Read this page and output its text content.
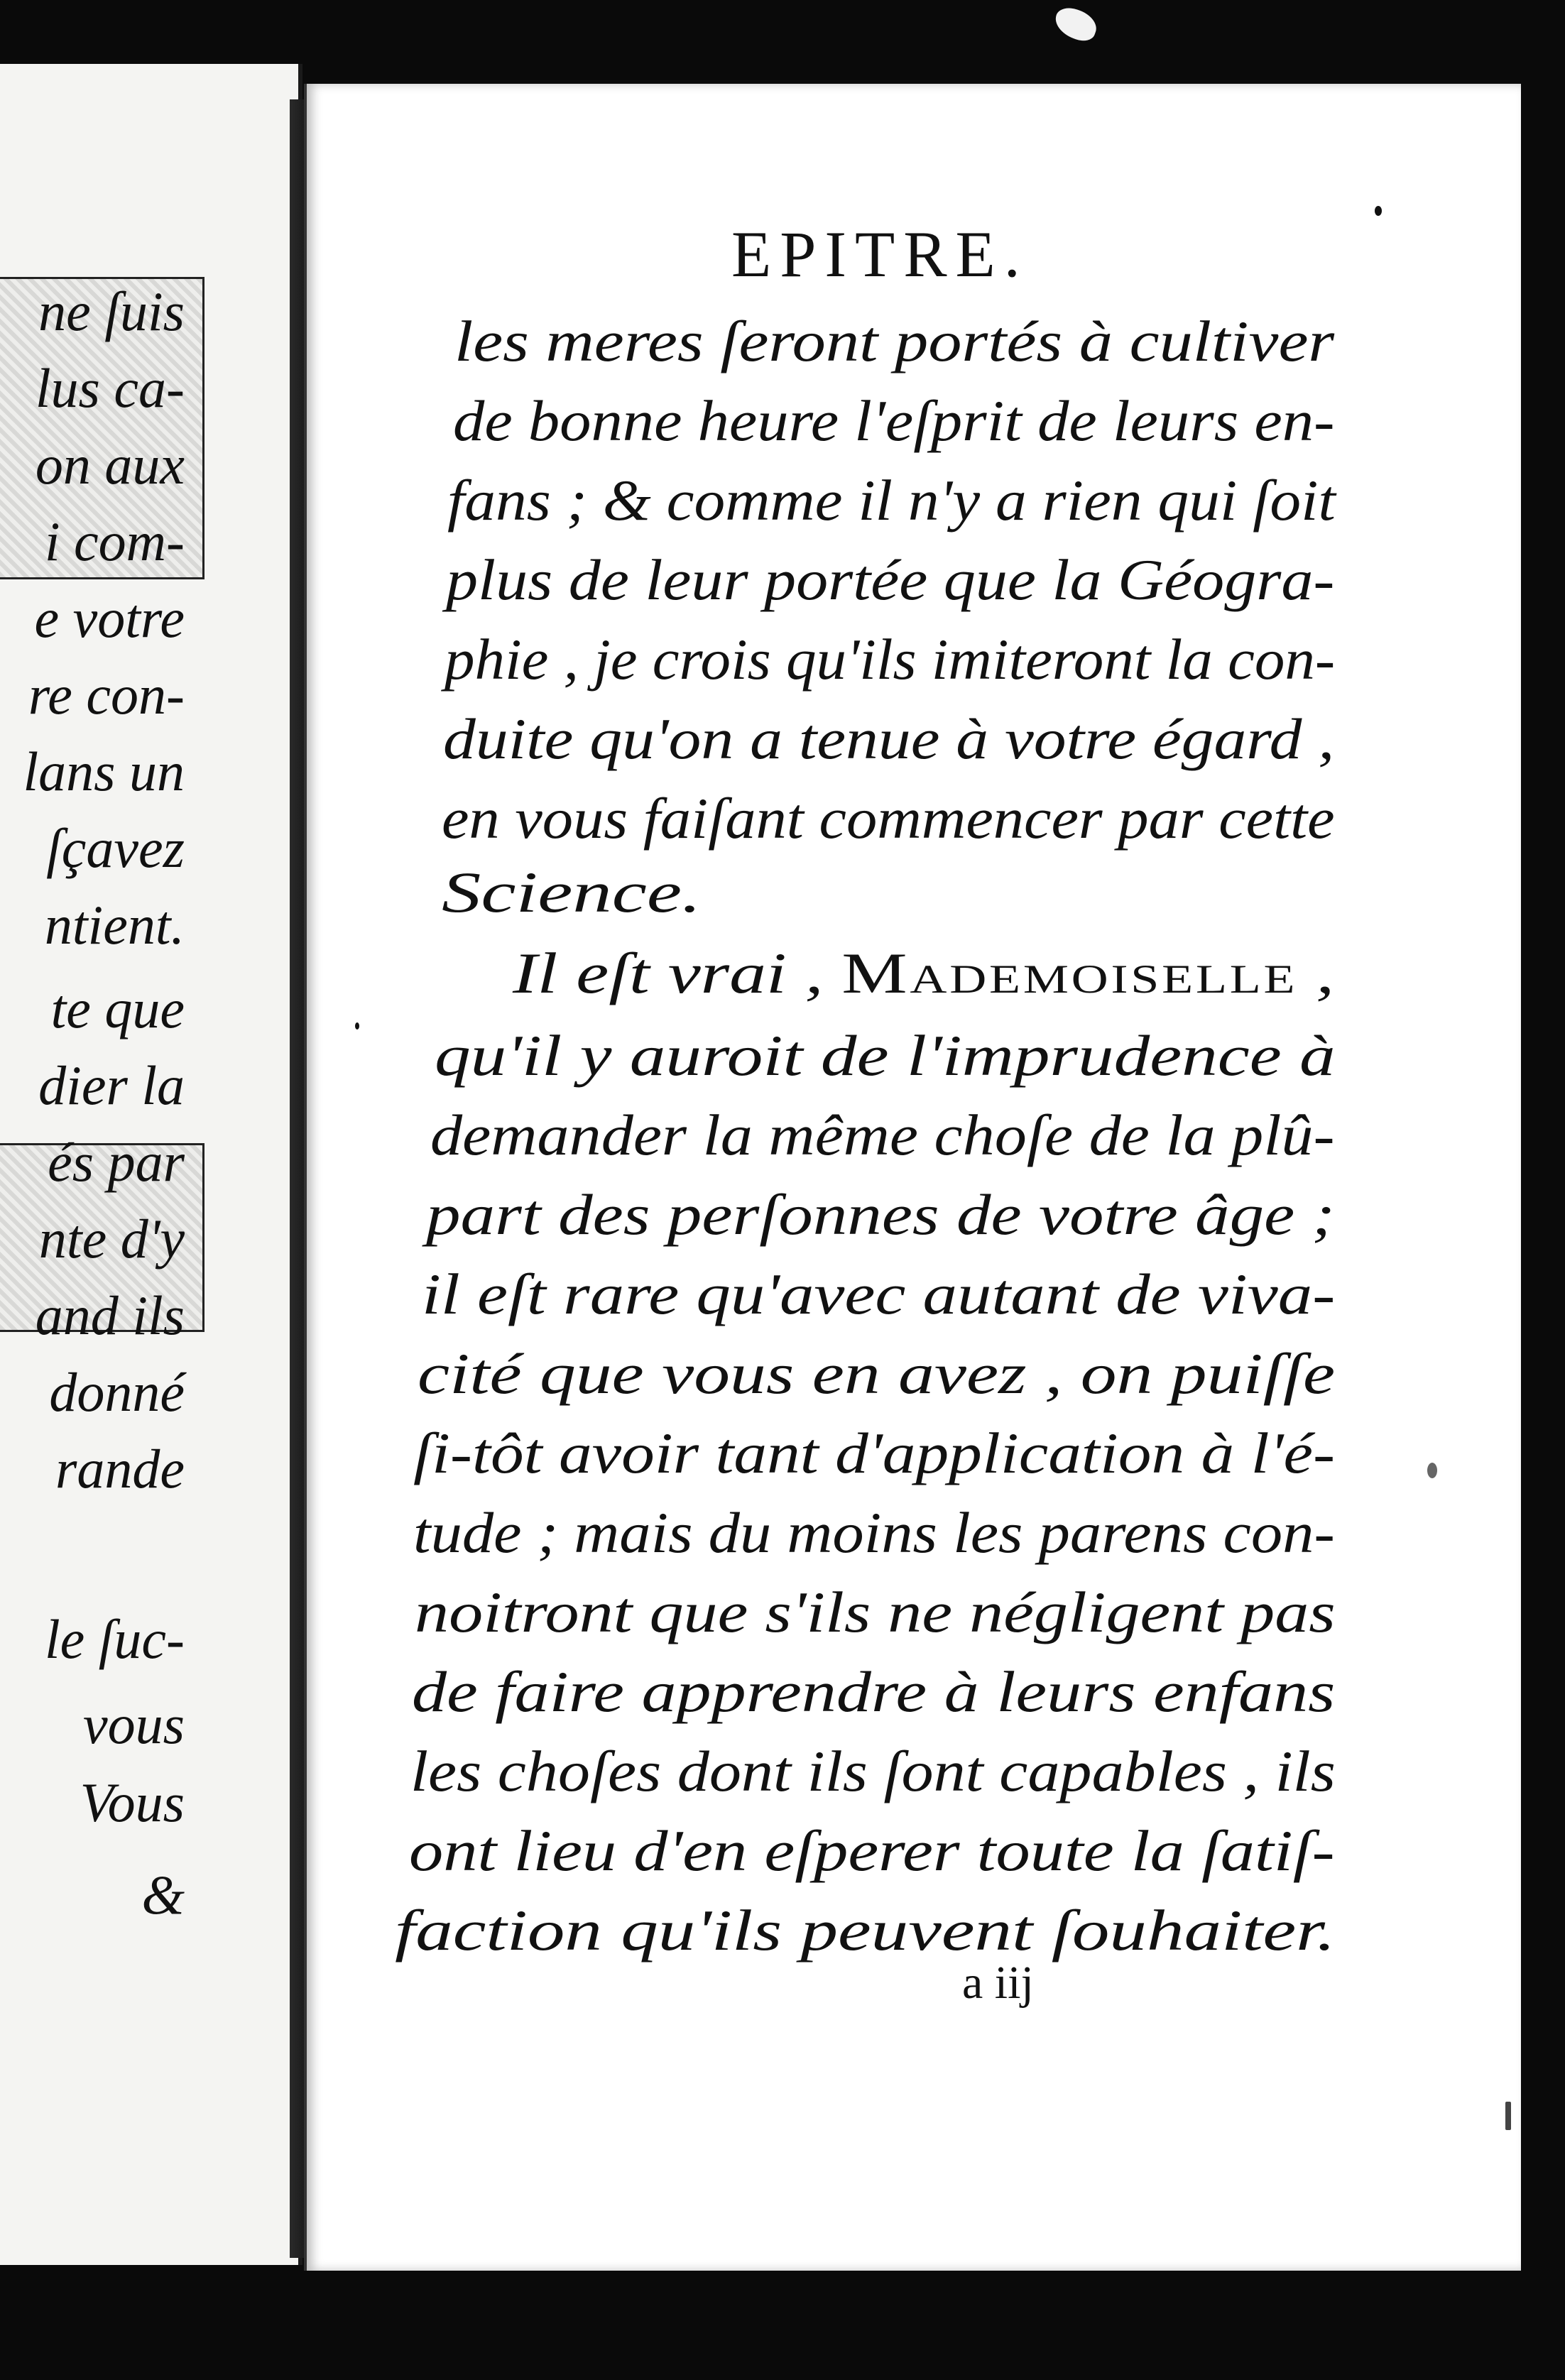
ne ſuis
lus ca-
on aux
i com-
e votre
re con-
lans un
ſçavez
ntient.
te que
dier la
és par
nte d'y
and ils
donné
rande
le ſuc-
vous
Vous
&
EPITRE.
les meres ſeront portés à cultiver
de bonne heure l'eſprit de leurs en-
fans ; & comme il n'y a rien qui ſoit
plus de leur portée que la Géogra-
phie , je crois qu'ils imiteront la con-
duite qu'on a tenue à votre égard ,
en vous faiſant commencer par cette
Science.
Il eſt vrai , Mademoiselle ,
qu'il y auroit de l'imprudence à
demander la même choſe de la plû-
part des perſonnes de votre âge ;
il eſt rare qu'avec autant de viva-
cité que vous en avez , on puiſſe
ſi-tôt avoir tant d'application à l'é-
tude ; mais du moins les parens con-
noitront que s'ils ne négligent pas
de faire apprendre à leurs enfans
les choſes dont ils ſont capables , ils
ont lieu d'en eſperer toute la ſatiſ-
faction qu'ils peuvent ſouhaiter.
a iij
